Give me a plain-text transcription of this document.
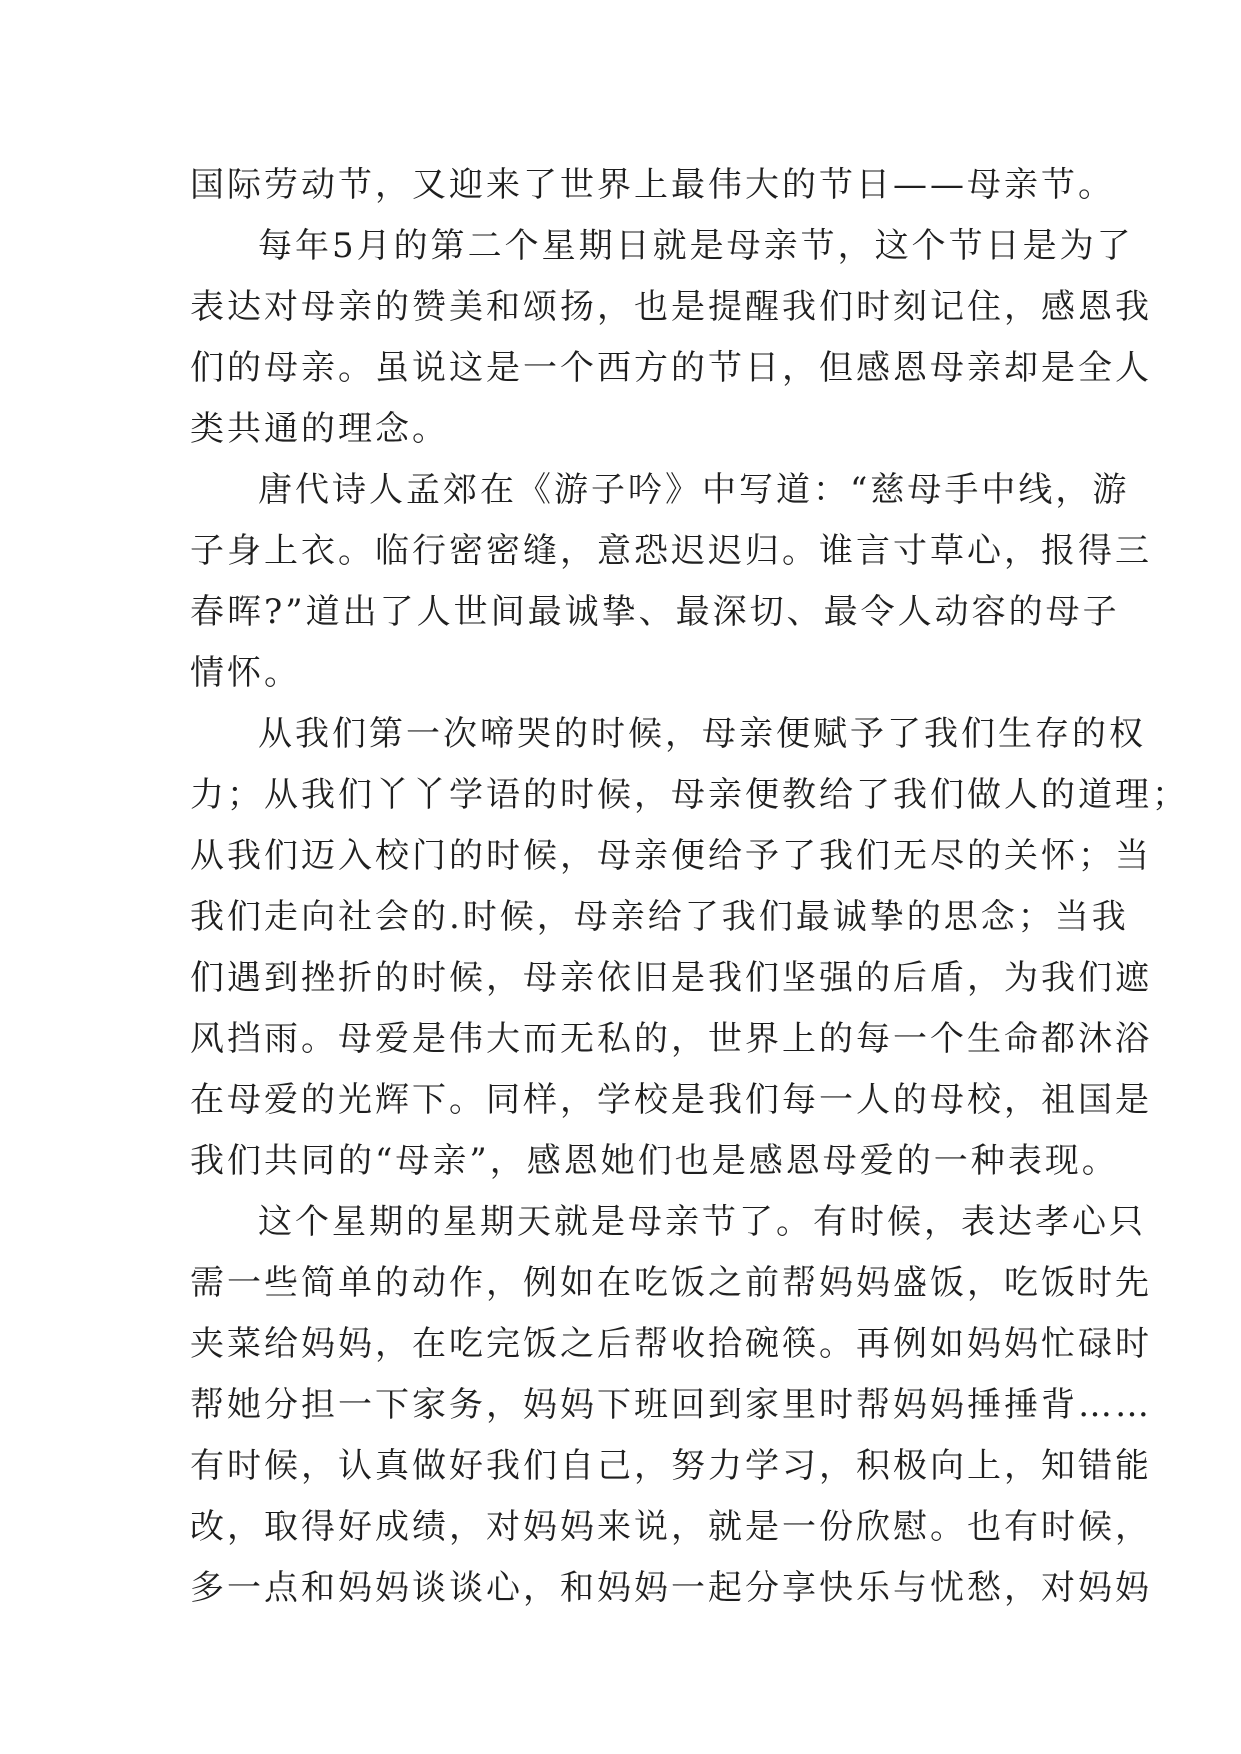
国际劳动节，又迎来了世界上最伟大的节日——母亲节。
每年5月的第二个星期日就是母亲节，这个节日是为了
表达对母亲的赞美和颂扬，也是提醒我们时刻记住，感恩我
们的母亲。虽说这是一个西方的节日，但感恩母亲却是全人
类共通的理念。
唐代诗人孟郊在《游子吟》中写道：“慈母手中线，游
子身上衣。临行密密缝，意恐迟迟归。谁言寸草心，报得三
春晖?”道出了人世间最诚挚、最深切、最令人动容的母子
情怀。
从我们第一次啼哭的时候，母亲便赋予了我们生存的权
力；从我们丫丫学语的时候，母亲便教给了我们做人的道理；
从我们迈入校门的时候，母亲便给予了我们无尽的关怀；当
我们走向社会的.时候，母亲给了我们最诚挚的思念；当我
们遇到挫折的时候，母亲依旧是我们坚强的后盾，为我们遮
风挡雨。母爱是伟大而无私的，世界上的每一个生命都沐浴
在母爱的光辉下。同样，学校是我们每一人的母校，祖国是
我们共同的“母亲”，感恩她们也是感恩母爱的一种表现。
这个星期的星期天就是母亲节了。有时候，表达孝心只
需一些简单的动作，例如在吃饭之前帮妈妈盛饭，吃饭时先
夹菜给妈妈，在吃完饭之后帮收拾碗筷。再例如妈妈忙碌时
帮她分担一下家务，妈妈下班回到家里时帮妈妈捶捶背……
有时候，认真做好我们自己，努力学习，积极向上，知错能
改，取得好成绩，对妈妈来说，就是一份欣慰。也有时候，
多一点和妈妈谈谈心，和妈妈一起分享快乐与忧愁，对妈妈
